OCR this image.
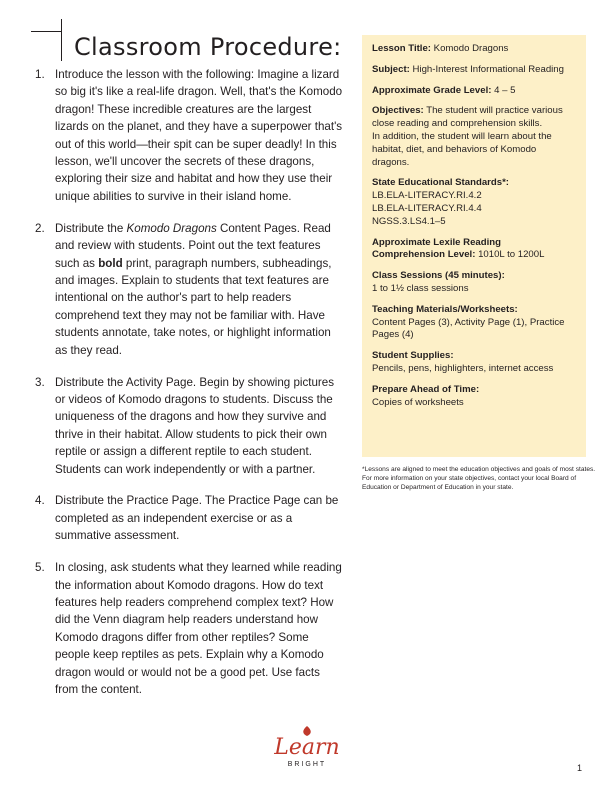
Classroom Procedure:
1. Introduce the lesson with the following: Imagine a lizard so big it's like a real-life dragon. Well, that's the Komodo dragon! These incredible creatures are the largest lizards on the planet, and they have a superpower that's out of this world—their spit can be super deadly! In this lesson, we'll uncover the secrets of these dragons, exploring their size and habitat and how they use their unique abilities to survive in their island home.
2. Distribute the Komodo Dragons Content Pages. Read and review with students. Point out the text features such as bold print, paragraph numbers, subheadings, and images. Explain to students that text features are intentional on the author's part to help readers comprehend text they may not be familiar with. Have students annotate, take notes, or highlight information as they read.
3. Distribute the Activity Page. Begin by showing pictures or videos of Komodo dragons to students. Discuss the uniqueness of the dragons and how they survive and thrive in their habitat. Allow students to pick their own reptile or assign a different reptile to each student. Students can work independently or with a partner.
4. Distribute the Practice Page. The Practice Page can be completed as an independent exercise or as a summative assessment.
5. In closing, ask students what they learned while reading the information about Komodo dragons. How do text features help readers comprehend complex text? How did the Venn diagram help readers understand how Komodo dragons differ from other reptiles? Some people keep reptiles as pets. Explain why a Komodo dragon would or would not be a good pet. Use facts from the content.
Lesson Title: Komodo Dragons
Subject: High-Interest Informational Reading
Approximate Grade Level: 4 – 5
Objectives: The student will practice various close reading and comprehension skills.
In addition, the student will learn about the habitat, diet, and behaviors of Komodo dragons.
State Educational Standards*:
LB.ELA-LITERACY.RI.4.2
LB.ELA-LITERACY.RI.4.4
NGSS.3.LS4.1–5
Approximate Lexile Reading Comprehension Level: 1010L to 1200L
Class Sessions (45 minutes):
1 to 1½ class sessions
Teaching Materials/Worksheets:
Content Pages (3), Activity Page (1), Practice Pages (4)
Student Supplies:
Pencils, pens, highlighters, internet access
Prepare Ahead of Time:
Copies of worksheets
*Lessons are aligned to meet the education objectives and goals of most states. For more information on your state objectives, contact your local Board of Education or Department of Education in your state.
Learn
BRIGHT	1
